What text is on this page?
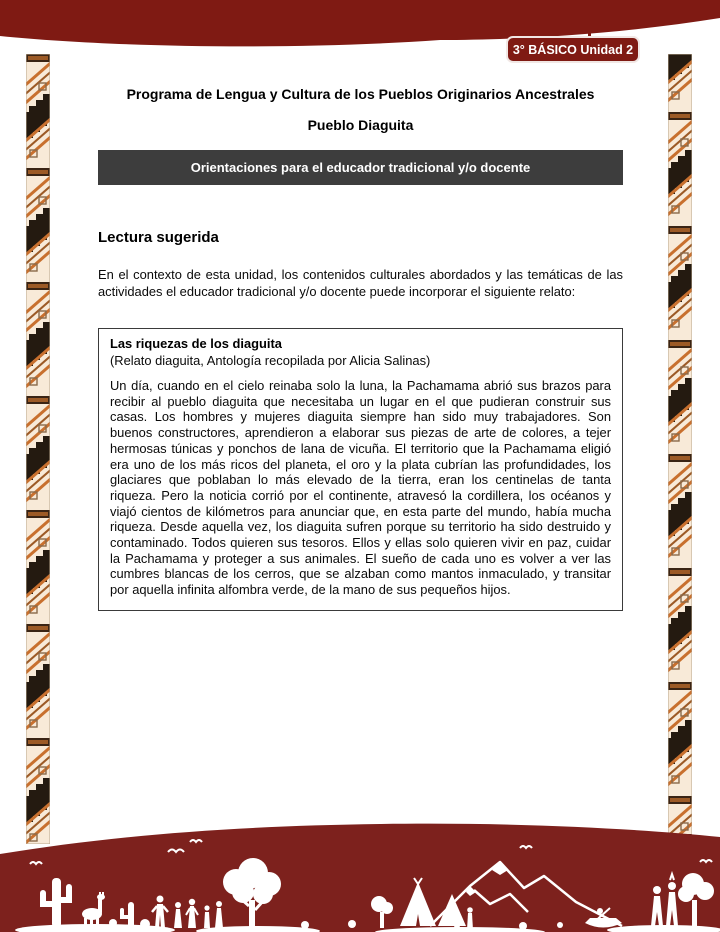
3° BÁSICO Unidad 2
Programa de Lengua y Cultura de los Pueblos Originarios Ancestrales
Pueblo Diaguita
Orientaciones para el educador tradicional y/o docente
Lectura sugerida

En el contexto de esta unidad, los contenidos culturales abordados y las temáticas de las actividades el educador tradicional y/o docente puede incorporar el siguiente relato:

Las riquezas de los diaguita

(Relato diaguita, Antología recopilada por Alicia Salinas)

Un día, cuando en el cielo reinaba solo la luna, la Pachamama abrió sus brazos para recibir al pueblo diaguita que necesitaba un lugar en el que pudieran construir sus casas. Los hombres y mujeres diaguita siempre han sido muy trabajadores. Son buenos constructores, aprendieron a elaborar sus piezas de arte de colores, a tejer hermosas túnicas y ponchos de lana de vicuña. El territorio que la Pachamama eligió era uno de los más ricos del planeta, el oro y la plata cubrían las profundidades, los glaciares que poblaban lo más elevado de la tierra, eran los centinelas de tanta riqueza. Pero la noticia corrió por el continente, atravesó la cordillera, los océanos y viajó cientos de kilómetros para anunciar que, en esta parte del mundo, había mucha riqueza. Desde aquella vez, los diaguita sufren porque su territorio ha sido destruido y contaminado. Todos quieren sus tesoros. Ellos y ellas solo quieren vivir en paz, cuidar la Pachamama y proteger a sus animales. El sueño de cada uno es volver a ver las cumbres blancas de los cerros, que se alzaban como mantos inmaculado, y transitar por aquella infinita alfombra verde, de la mano de sus pequeños hijos.
